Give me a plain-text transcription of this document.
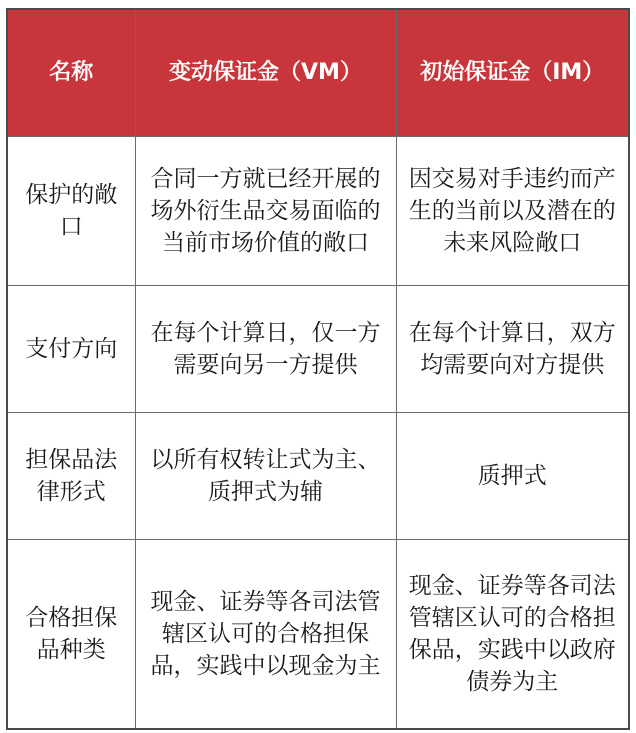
名称	变动保证金（VM）	初始保证金（IM）
保护的敞口	合同一方就已经开展的场外衍生品交易面临的当前市场价值的敞口	因交易对手违约而产生的当前以及潜在的未来风险敞口
支付方向	在每个计算日，仅一方需要向另一方提供	在每个计算日，双方均需要向对方提供
担保品法律形式	以所有权转让式为主、质押式为辅	质押式
合格担保品种类	现金、证券等各司法管辖区认可的合格担保品，实践中以现金为主	现金、证券等各司法管辖区认可的合格担保品，实践中以政府债券为主
